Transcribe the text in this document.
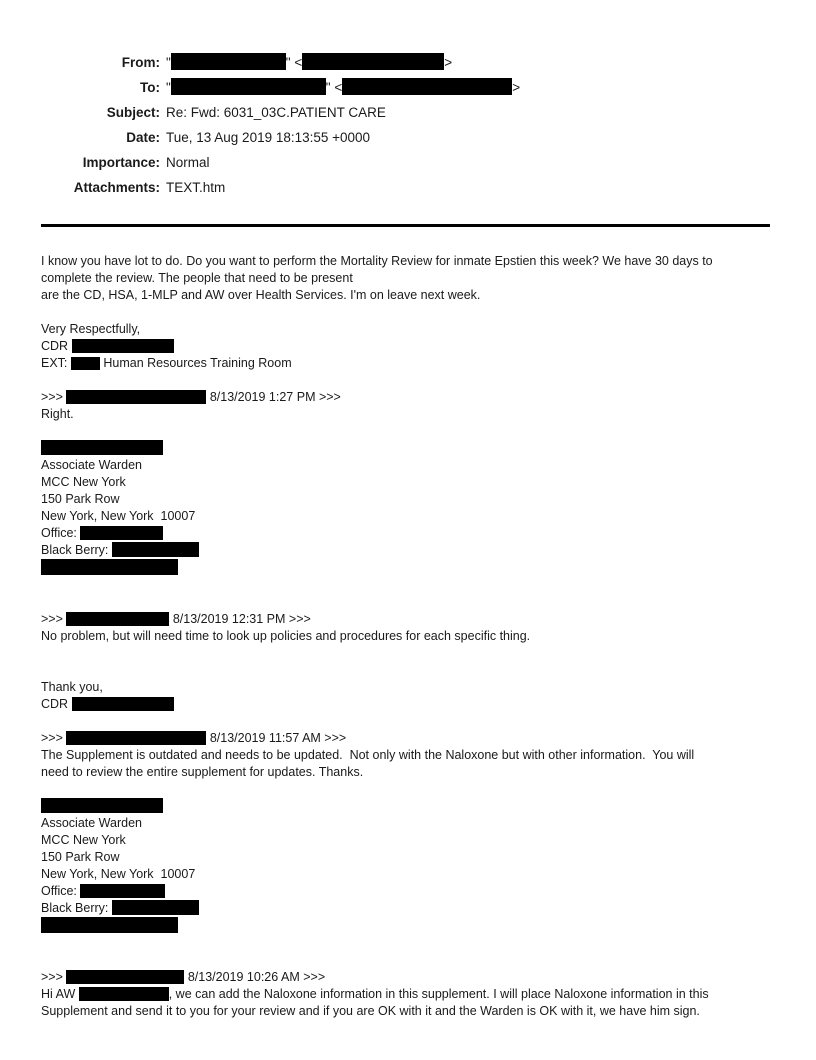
From: "	" <	>
To: "	" <	>
Subject: Re: Fwd: 6031_03C.PATIENT CARE
Date: Tue, 13 Aug 2019 18:13:55 +0000
Importance: Normal
Attachments: TEXT.htm
I know you have lot to do. Do you want to perform the Mortality Review for inmate Epstien this week? We have 30 days to
complete the review. The people that need to be present
are the CD, HSA, 1-MLP and AW over Health Services. I'm on leave next week.
Very Respectfully,
CDR
EXT:  Human Resources Training Room
>>>	8/13/2019 1:27 PM >>>
Right.
Associate Warden
MCC New York
150 Park Row
New York, New York  10007
Office:
Black Berry:
>>>	8/13/2019 12:31 PM >>>
No problem, but will need time to look up policies and procedures for each specific thing.
Thank you,
CDR
>>>	8/13/2019 11:57 AM >>>
The Supplement is outdated and needs to be updated.  Not only with the Naloxone but with other information.  You will
need to review the entire supplement for updates. Thanks.
Associate Warden
MCC New York
150 Park Row
New York, New York  10007
Office:
Black Berry:
>>>	8/13/2019 10:26 AM >>>
Hi AW	, we can add the Naloxone information in this supplement. I will place Naloxone information in this
Supplement and send it to you for your review and if you are OK with it and the Warden is OK with it, we have him sign.
